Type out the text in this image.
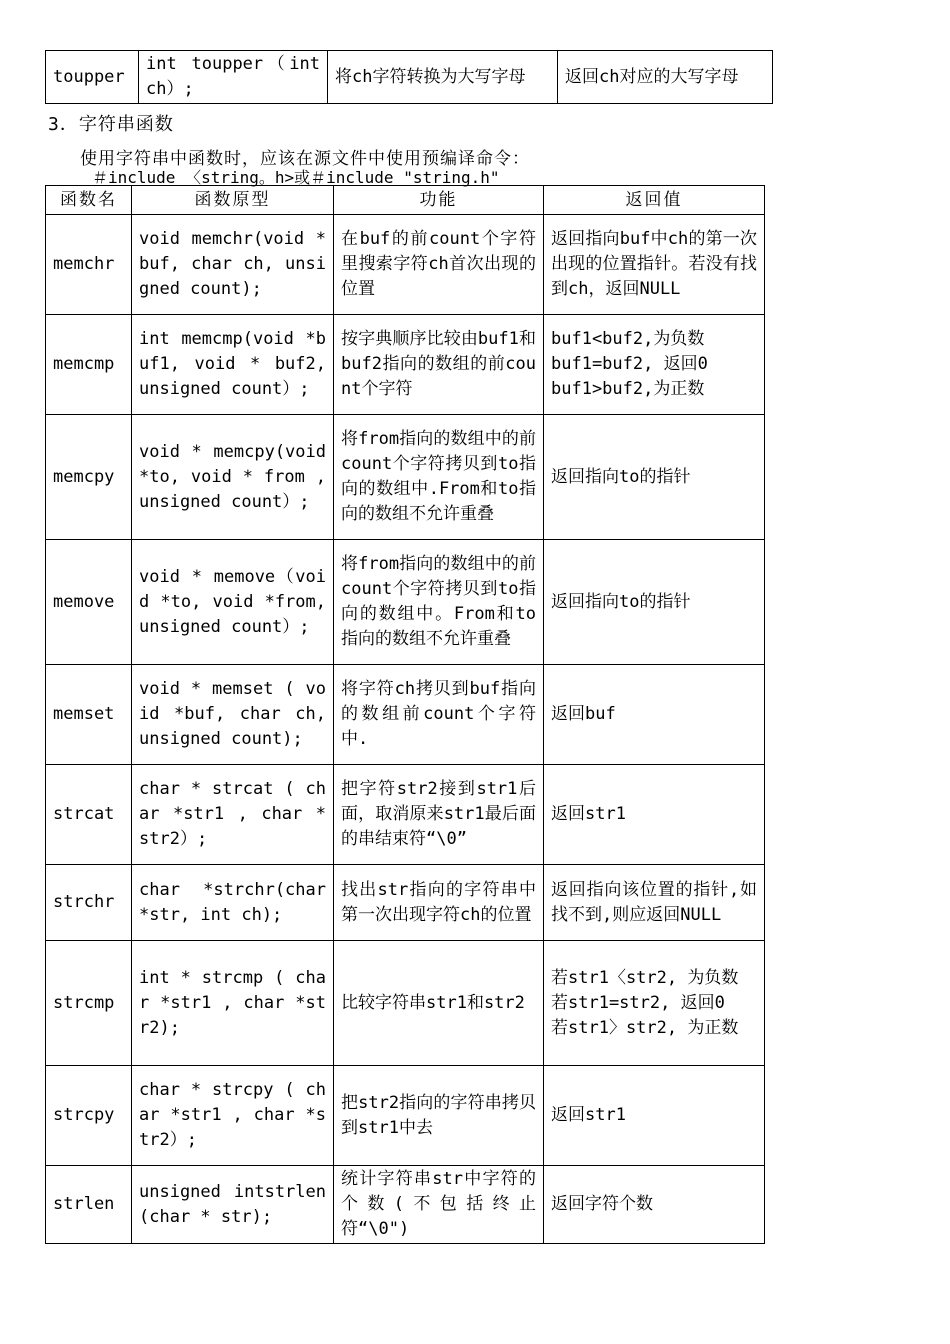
toupper	int toupper（int ch）;	将ch字符转换为大写字母	返回ch对应的大写字母
3．字符串函数
使用字符串中函数时，应该在源文件中使用预编译命令：
＃include 〈string。h>或＃include "string.h"
函数名	函数原型	功能	返回值
memchr	void memchr(void *buf, char ch, unsigned count);	在buf的前count个字符里搜索字符ch首次出现的位置	返回指向buf中ch的第一次出现的位置指针。若没有找到ch，返回NULL
memcmp	int memcmp(void *buf1, void * buf2, unsigned count）;	按字典顺序比较由buf1和buf2指向的数组的前count个字符	buf1<buf2,为负数
buf1=buf2, 返回0
buf1>buf2,为正数
memcpy	void * memcpy(void *to, void * from , unsigned count）;	将from指向的数组中的前count个字符拷贝到to指向的数组中.From和to指向的数组不允许重叠	返回指向to的指针
memove	void * memove（void *to, void *from, unsigned count）;	将from指向的数组中的前count个字符拷贝到to指向的数组中。From和to指向的数组不允许重叠	返回指向to的指针
memset	void * memset ( void *buf, char ch, unsigned count);	将字符ch拷贝到buf指向的数组前count个字符中.	返回buf
strcat	char * strcat ( char *str1 , char * str2）;	把字符str2接到str1后面，取消原来str1最后面的串结束符“\0”	返回str1
strchr	char *strchr(char *str, int ch);	找出str指向的字符串中第一次出现字符ch的位置	返回指向该位置的指针,如找不到,则应返回NULL
strcmp	int * strcmp ( char *str1 , char *str2);	比较字符串str1和str2	若str1〈str2, 为负数
若str1=str2, 返回0
若str1〉str2, 为正数
strcpy	char * strcpy ( char *str1 , char *str2）;	把str2指向的字符串拷贝到str1中去	返回str1
strlen	unsigned intstrlen(char * str);	统计字符串str中字符的个数(不包括终止符“\0")	返回字符个数
